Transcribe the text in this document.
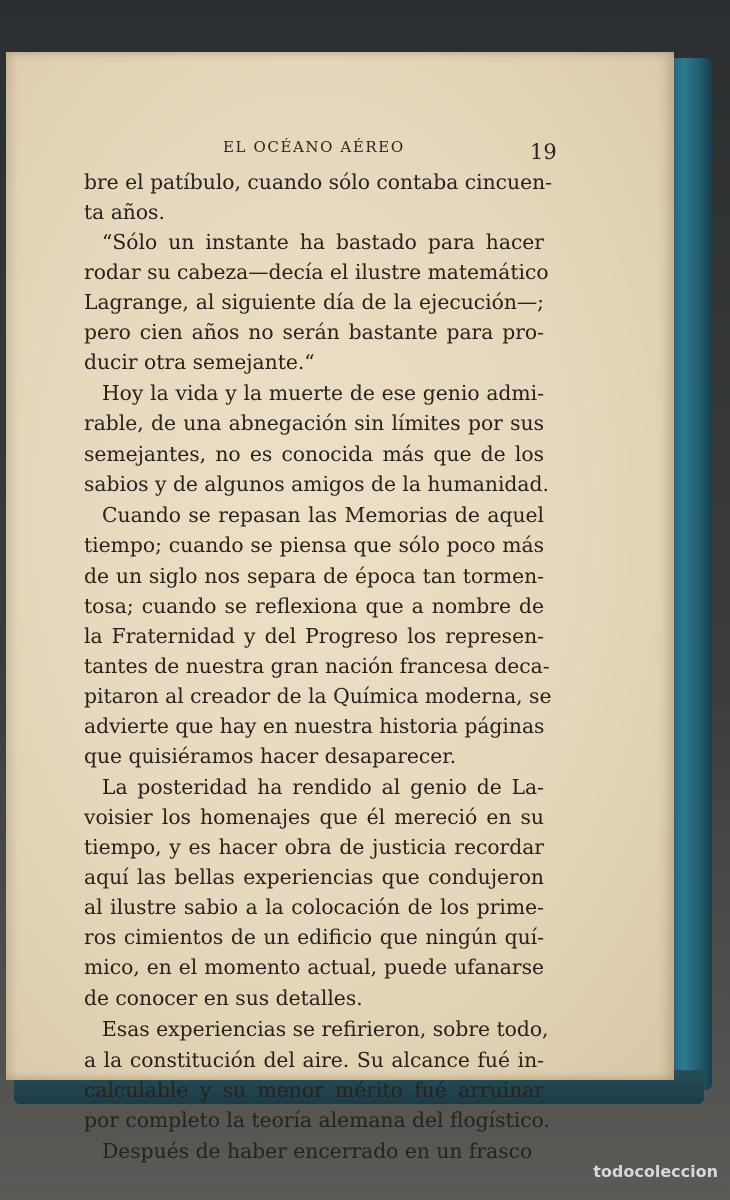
EL OCÉANO AÉREO	19
bre el patíbulo, cuando sólo contaba cincuen-
ta años.
“Sólo un instante ha bastado para hacer
rodar su cabeza—decía el ilustre matemático
Lagrange, al siguiente día de la ejecución—;
pero cien años no serán bastante para pro-
ducir otra semejante.“
Hoy la vida y la muerte de ese genio admi-
rable, de una abnegación sin límites por sus
semejantes, no es conocida más que de los
sabios y de algunos amigos de la humanidad.
Cuando se repasan las Memorias de aquel
tiempo; cuando se piensa que sólo poco más
de un siglo nos separa de época tan tormen-
tosa; cuando se reflexiona que a nombre de
la Fraternidad y del Progreso los represen-
tantes de nuestra gran nación francesa deca-
pitaron al creador de la Química moderna, se
advierte que hay en nuestra historia páginas
que quisiéramos hacer desaparecer.
La posteridad ha rendido al genio de La-
voisier los homenajes que él mereció en su
tiempo, y es hacer obra de justicia recordar
aquí las bellas experiencias que condujeron
al ilustre sabio a la colocación de los prime-
ros cimientos de un edificio que ningún quí-
mico, en el momento actual, puede ufanarse
de conocer en sus detalles.
Esas experiencias se refirieron, sobre todo,
a la constitución del aire. Su alcance fué in-
calculable y su menor mérito fué arruinar
por completo la teoría alemana del flogístico.
Después de haber encerrado en un frasco
todocoleccion
